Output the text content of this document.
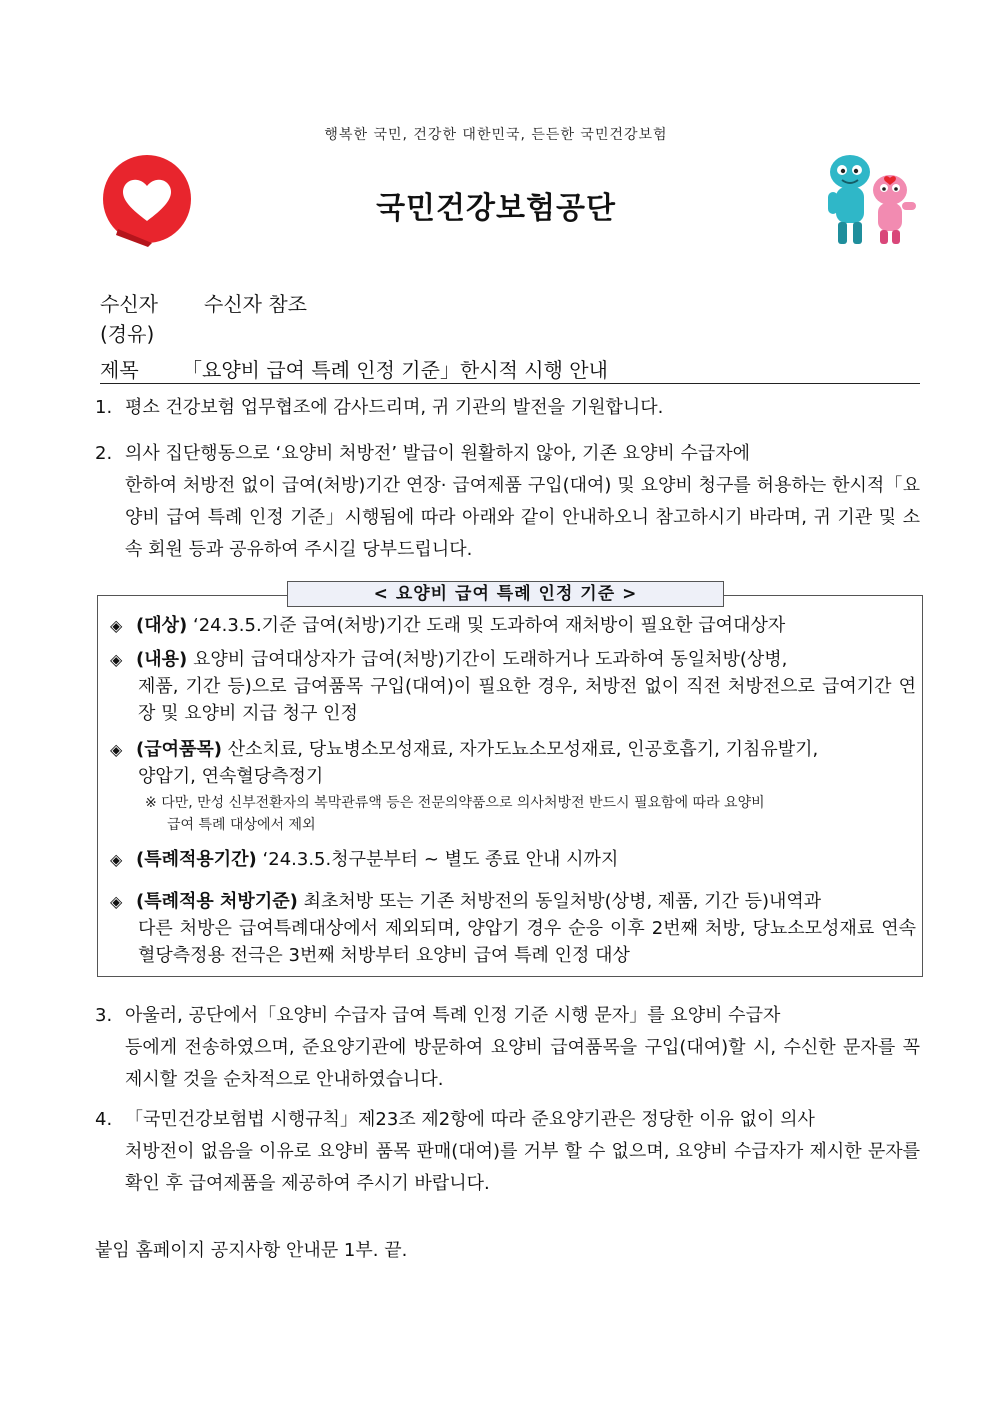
행복한 국민, 건강한 대한민국, 든든한 국민건강보험
국민건강보험공단
수신자 수신자 참조
(경유)
제목 「요양비 급여 특례 인정 기준」한시적 시행 안내
1. 평소 건강보험 업무협조에 감사드리며, 귀 기관의 발전을 기원합니다.
2. 의사 집단행동으로 ‘요양비 처방전’ 발급이 원활하지 않아, 기존 요양비 수급자에
한하여 처방전 없이 급여(처방)기간 연장· 급여제품 구입(대여) 및 요양비 청구를 허용하는 한시적「요양비 급여 특례 인정 기준」시행됨에 따라 아래와 같이 안내하오니 참고하시기 바라며, 귀 기관 및 소속 회원 등과 공유하여 주시길 당부드립니다.
< 요양비 급여 특례 인정 기준 >
◈ (대상) ‘24.3.5.기준 급여(처방)기간 도래 및 도과하여 재처방이 필요한 급여대상자
◈ (내용) 요양비 급여대상자가 급여(처방)기간이 도래하거나 도과하여 동일처방(상병,
제품, 기간 등)으로 급여품목 구입(대여)이 필요한 경우, 처방전 없이 직전 처방전으로 급여기간 연장 및 요양비 지급 청구 인정
◈ (급여품목) 산소치료, 당뇨병소모성재료, 자가도뇨소모성재료, 인공호흡기, 기침유발기,
양압기, 연속혈당측정기
※ 다만, 만성 신부전환자의 복막관류액 등은 전문의약품으로 의사처방전 반드시 필요함에 따라 요양비
급여 특례 대상에서 제외
◈ (특례적용기간) ‘24.3.5.청구분부터 ~ 별도 종료 안내 시까지
◈ (특례적용 처방기준) 최초처방 또는 기존 처방전의 동일처방(상병, 제품, 기간 등)내역과
다른 처방은 급여특례대상에서 제외되며, 양압기 경우 순응 이후 2번째 처방, 당뇨소모성재료 연속혈당측정용 전극은 3번째 처방부터 요양비 급여 특례 인정 대상
3. 아울러, 공단에서「요양비 수급자 급여 특례 인정 기준 시행 문자」를 요양비 수급자
등에게 전송하였으며, 준요양기관에 방문하여 요양비 급여품목을 구입(대여)할 시, 수신한 문자를 꼭 제시할 것을 순차적으로 안내하였습니다.
4. 「국민건강보험법 시행규칙」제23조 제2항에 따라 준요양기관은 정당한 이유 없이 의사
처방전이 없음을 이유로 요양비 품목 판매(대여)를 거부 할 수 없으며, 요양비 수급자가 제시한 문자를 확인 후 급여제품을 제공하여 주시기 바랍니다.
붙임 홈페이지 공지사항 안내문 1부. 끝.
